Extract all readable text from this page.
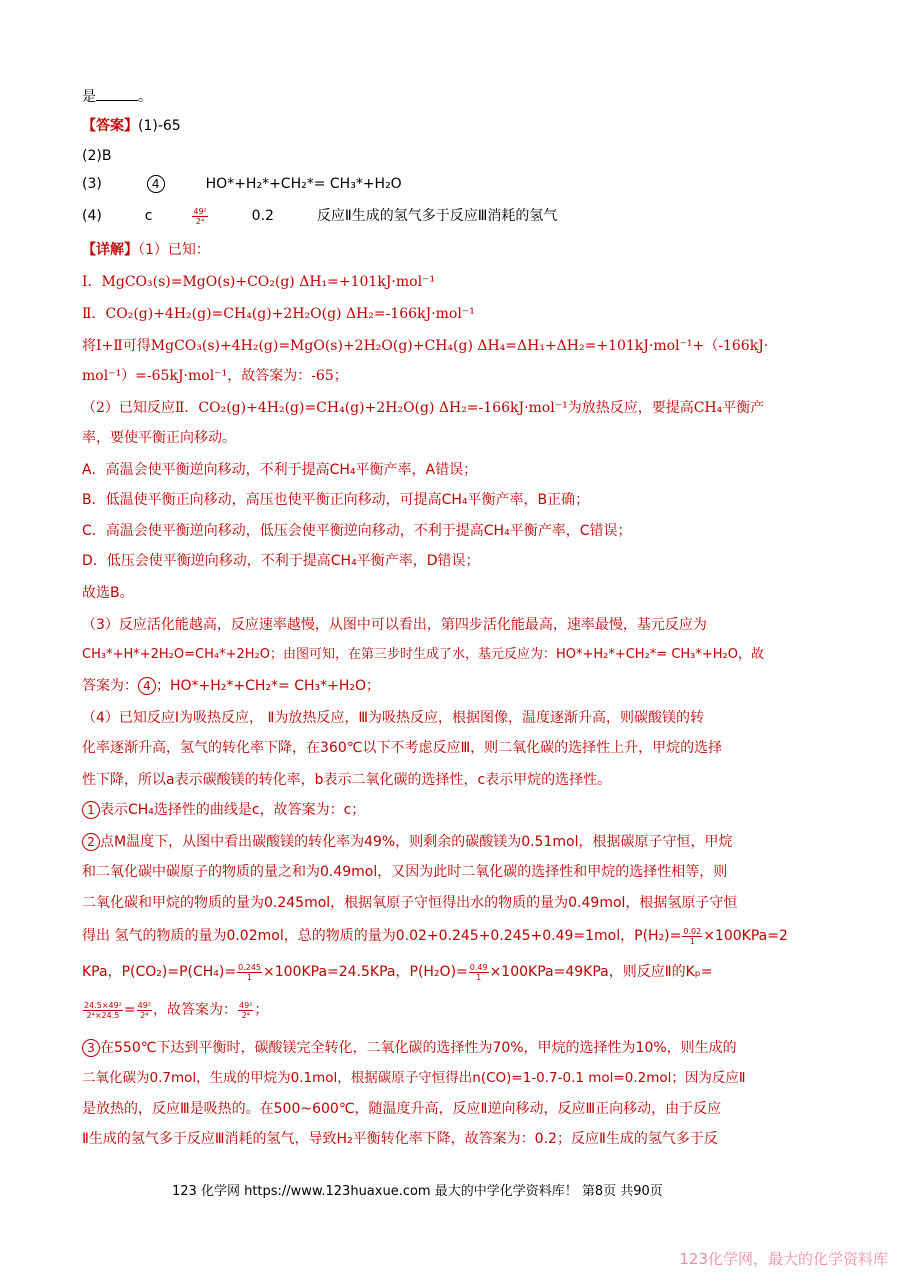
是	。
【答案】(1)-65
(2)B
(3)	4	HO*+H₂*+CH₂*= CH₃*+H₂O
(4)	c	$\frac{\text{49²}}{\text{2⁴}}$	0.2	反应Ⅱ生成的氢气多于反应Ⅲ消耗的氢气
【详解】（1）已知：
Ⅰ．MgCO₃(s)=MgO(s)+CO₂(g) ΔH₁=+101kJ·mol⁻¹
Ⅱ．CO₂(g)+4H₂(g)=CH₄(g)+2H₂O(g) ΔH₂=-166kJ·mol⁻¹
将Ⅰ+Ⅱ可得MgCO₃(s)+4H₂(g)=MgO(s)+2H₂O(g)+CH₄(g) ΔH₄=ΔH₁+ΔH₂=+101kJ·mol⁻¹+（-166kJ·
mol⁻¹）=-65kJ·mol⁻¹，故答案为：-65；
（2）已知反应Ⅱ．CO₂(g)+4H₂(g)=CH₄(g)+2H₂O(g) ΔH₂=-166kJ·mol⁻¹为放热反应，要提高CH₄平衡产
率，要使平衡正向移动。
A．高温会使平衡逆向移动，不利于提高CH₄平衡产率，A错误；
B．低温使平衡正向移动，高压也使平衡正向移动，可提高CH₄平衡产率，B正确；
C．高温会使平衡逆向移动，低压会使平衡逆向移动，不利于提高CH₄平衡产率，C错误；
D．低压会使平衡逆向移动，不利于提高CH₄平衡产率，D错误；
故选B。
（3）反应活化能越高，反应速率越慢，从图中可以看出，第四步活化能最高，速率最慢，基元反应为
CH₃*+H*+2H₂O=CH₄*+2H₂O；由图可知，在第三步时生成了水，基元反应为：HO*+H₂*+CH₂*= CH₃*+H₂O，故
答案为： 4 ；HO*+H₂*+CH₂*= CH₃*+H₂O；
（4）已知反应Ⅰ为吸热反应， Ⅱ为放热反应，Ⅲ为吸热反应，根据图像，温度逐渐升高，则碳酸镁的转
化率逐渐升高，氢气的转化率下降，在360℃以下不考虑反应Ⅲ，则二氧化碳的选择性上升，甲烷的选择
性下降，所以a表示碳酸镁的转化率，b表示二氧化碳的选择性，c表示甲烷的选择性。
1 表示CH₄选择性的曲线是c，故答案为：c；
2 点M温度下，从图中看出碳酸镁的转化率为49%，则剩余的碳酸镁为0.51mol，根据碳原子守恒，甲烷
和二氧化碳中碳原子的物质的量之和为0.49mol，又因为此时二氧化碳的选择性和甲烷的选择性相等，则
二氧化碳和甲烷的物质的量为0.245mol，根据氧原子守恒得出水的物质的量为0.49mol，根据氢原子守恒
得出 氢气的物质的量为0.02mol，总的物质的量为0.02+0.245+0.245+0.49=1mol，$P(H_2)= \frac{0.02}{1} \times 100KPa=2$
KPa，$P(CO_2)=P(CH_4)= \frac{0.245}{1} \times 100KPa=24.5KPa$，$P(H_2O)= \frac{0.49}{1} \times 100KPa=49KPa$，则反应Ⅱ的Kₚ=
$\frac{\text{24.5×49²}}{\text{2⁴×24.5}} = \frac{\text{49²}}{\text{2⁴}}$ ，故答案为： $\frac{\text{49²}}{\text{2⁴}}$ ；
3 在550℃下达到平衡时，碳酸镁完全转化，二氧化碳的选择性为70%，甲烷的选择性为10%，则生成的
二氧化碳为0.7mol，生成的甲烷为0.1mol，根据碳原子守恒得出n(CO)=1-0.7-0.1 mol=0.2mol；因为反应Ⅱ
是放热的，反应Ⅲ是吸热的。在500~600℃，随温度升高，反应Ⅱ逆向移动，反应Ⅲ正向移动，由于反应
Ⅱ生成的氢气多于反应Ⅲ消耗的氢气，导致H₂平衡转化率下降，故答案为：0.2；反应Ⅱ生成的氢气多于反
123 化学网 https://www.123huaxue.com 最大的中学化学资料库！ 第8页 共90页
123化学网，最大的化学资料库
